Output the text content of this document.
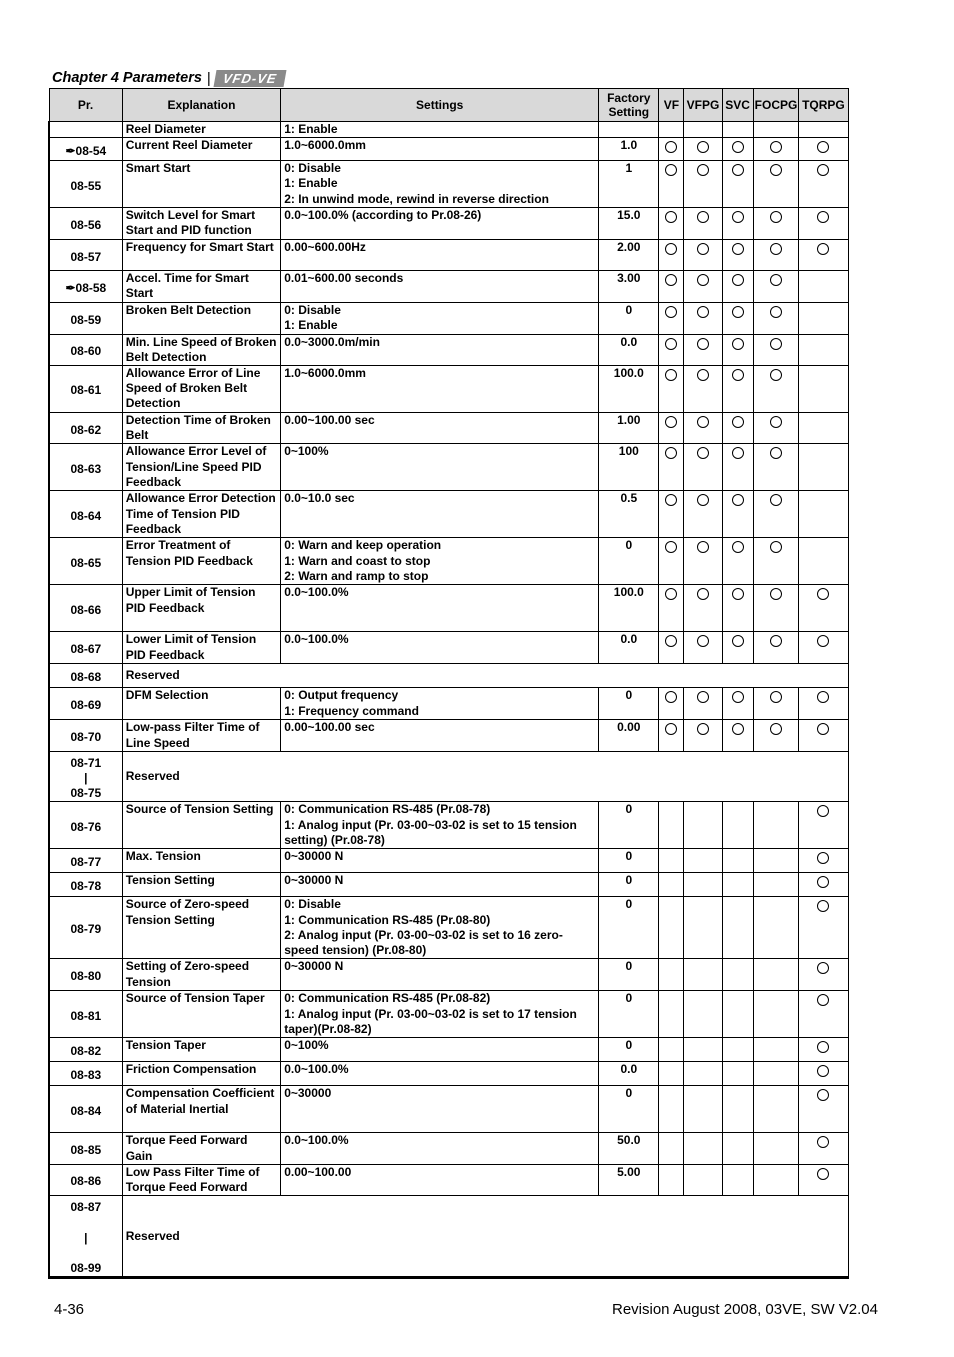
Chapter 4 Parameters | VFD-VE
Pr.	Explanation	Settings	Factory Setting	VF	VFPG	SVC	FOCPG	TQRPG
	Reel Diameter	1: Enable						

✒08-54	Current Reel Diameter	1.0~6000.0mm	1.0					
08-55	Smart Start	0: Disable
1: Enable
2: In unwind mode, rewind in reverse direction	1					
08-56	Switch Level for Smart Start and PID function	0.0~100.0% (according to Pr.08-26)	15.0					
08-57	Frequency for Smart Start	0.00~600.00Hz	2.00					
✒08-58	Accel. Time for Smart Start	0.01~600.00 seconds	3.00					
08-59	Broken Belt Detection	0: Disable
1: Enable	0					
08-60	Min. Line Speed of Broken Belt Detection	0.0~3000.0m/min	0.0					
08-61	Allowance Error of Line Speed of Broken Belt Detection	1.0~6000.0mm	100.0					
08-62	Detection Time of Broken Belt	0.00~100.00 sec	1.00					
08-63	Allowance Error Level of Tension/Line Speed PID Feedback	0~100%	100					
08-64	Allowance Error Detection Time of Tension PID Feedback	0.0~10.0 sec	0.5					
08-65	Error Treatment of Tension PID Feedback	0: Warn and keep operation
1: Warn and coast to stop
2: Warn and ramp to stop	0					
08-66	Upper Limit of Tension PID Feedback	0.0~100.0%	100.0					
08-67	Lower Limit of Tension PID Feedback	0.0~100.0%	0.0					
08-68	Reserved							
08-69	DFM Selection	0: Output frequency
1: Frequency command	0					
08-70	Low-pass Filter Time of Line Speed	0.00~100.00 sec	0.00					
08-71
|
08-75	Reserved							
08-76	Source of Tension Setting	0: Communication RS-485 (Pr.08-78)
1: Analog input (Pr. 03-00~03-02 is set to 15 tension setting) (Pr.08-78)	0					
08-77	Max. Tension	0~30000 N	0					
08-78	Tension Setting	0~30000 N	0					
08-79	Source of Zero-speed Tension Setting	0: Disable
1: Communication RS-485 (Pr.08-80)
2: Analog input (Pr. 03-00~03-02 is set to 16 zero-speed tension) (Pr.08-80)	0					
08-80	Setting of Zero-speed Tension	0~30000 N	0					
08-81	Source of Tension Taper	0: Communication RS-485 (Pr.08-82)
1: Analog input (Pr. 03-00~03-02 is set to 17 tension taper)(Pr.08-82)	0					
08-82	Tension Taper	0~100%	0					
08-83	Friction Compensation	0.0~100.0%	0.0					
08-84	Compensation Coefficient of Material Inertial	0~30000	0					
08-85	Torque Feed Forward Gain	0.0~100.0%	50.0					
08-86	Low Pass Filter Time of Torque Feed Forward	0.00~100.00	5.00					
08-87

|

08-99	Reserved							
4-36	Revision August 2008, 03VE, SW V2.04
